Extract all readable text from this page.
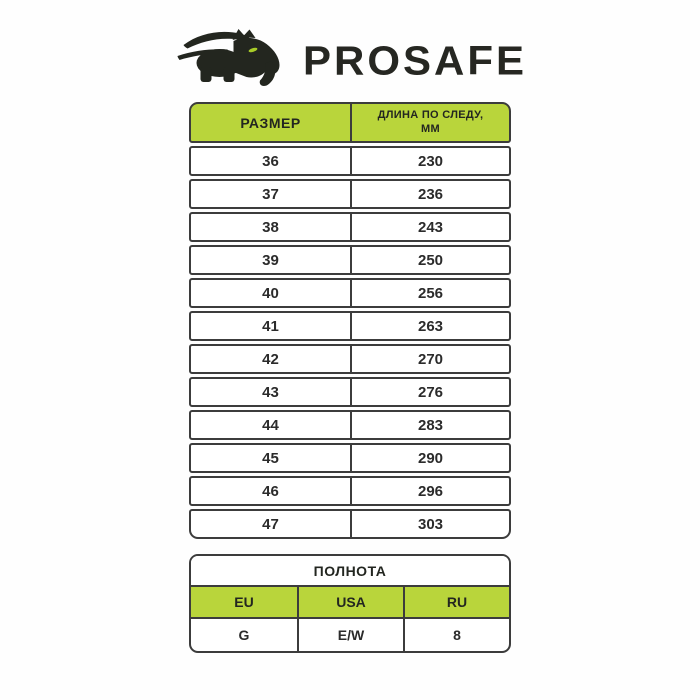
PROSAFE
РАЗМЕР	ДЛИНА ПО СЛЕДУ,
ММ
36	230
37	236
38	243
39	250
40	256
41	263
42	270
43	276
44	283
45	290
46	296
47	303
ПОЛНОТА
EU	USA	RU
G	E/W	8
